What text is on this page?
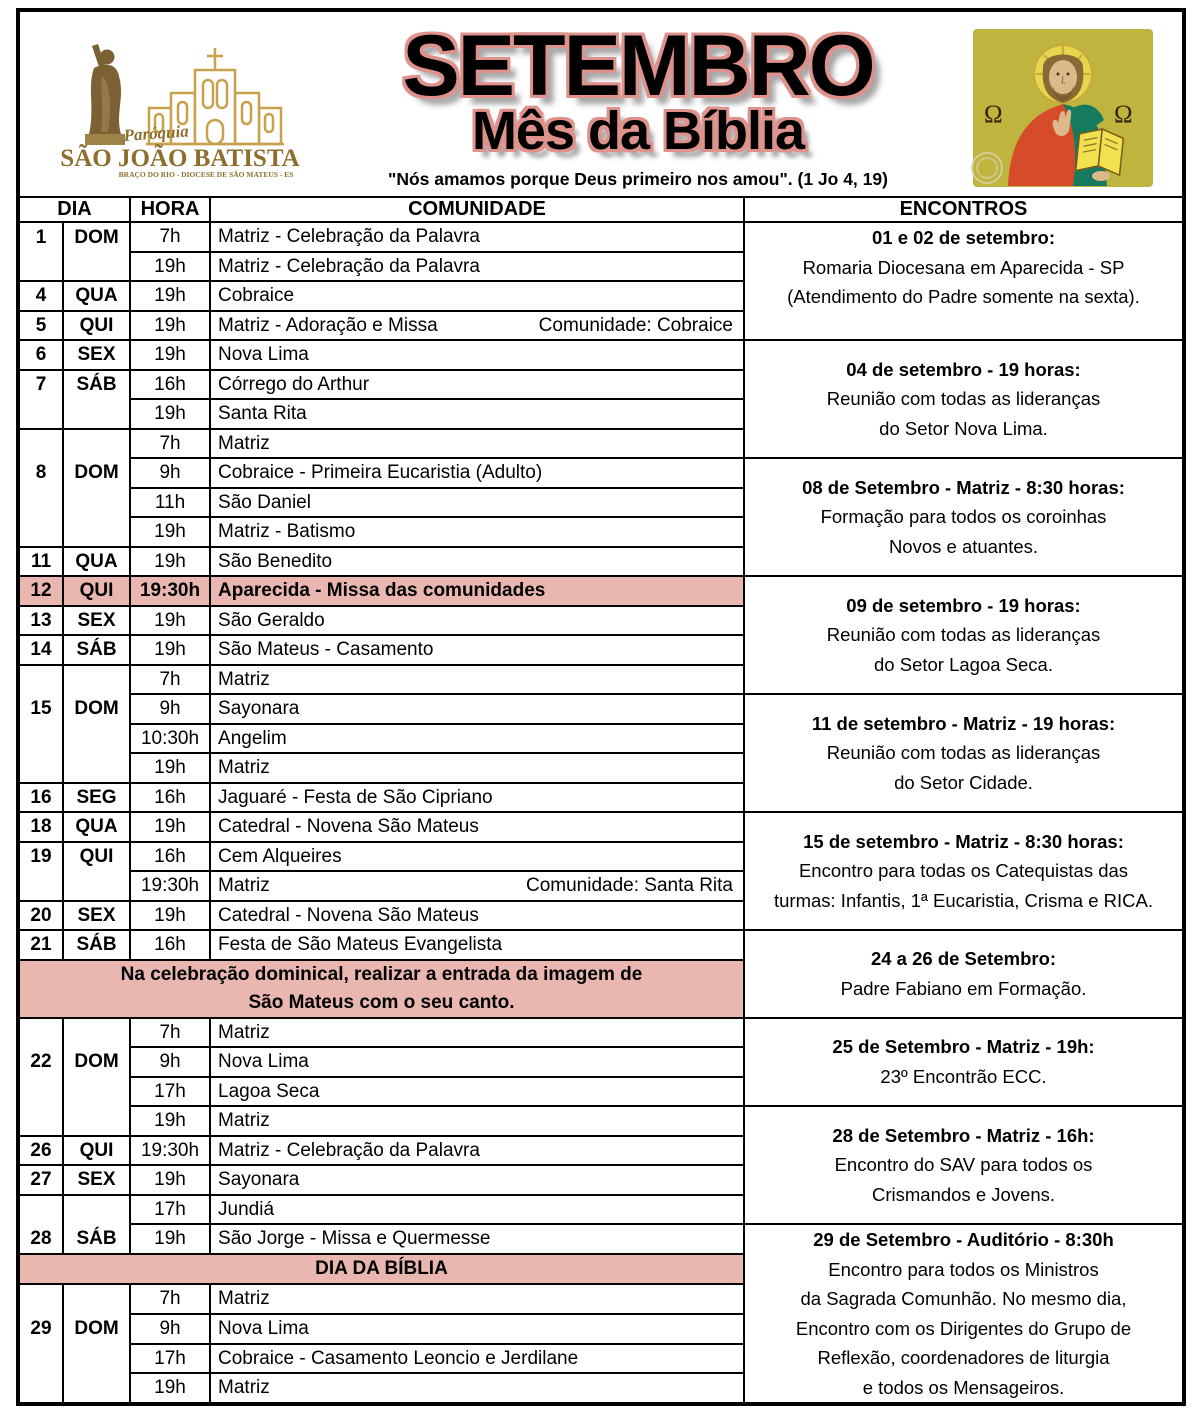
Paróquia
SÃO JOÃO BATISTA
BRAÇO DO RIO - DIOCESE DE SÃO MATEUS - ES
SETEMBRO
Mês da Bíblia
"Nós amamos porque Deus primeiro nos amou". (1 Jo 4, 19)
Ω	Ω
DIA		HORA	COMUNIDADE	ENCONTROS
1	DOM	7h	Matriz - Celebração da Palavra	01 e 02 de setembro:
Romaria Diocesana em Aparecida - SP
(Atendimento do Padre somente na sexta).

		19h	Matriz - Celebração da Palavra	

4	QUA	19h	Cobraice	

5	QUI	19h	Matriz - Adoração e Missa Comunidade: Cobraice	

6	SEX	19h	Nova Lima	04 de setembro - 19 horas:
Reunião com todas as lideranças
do Setor Nova Lima.

7	SÁB	16h	Córrego do Arthur	

		19h	Santa Rita	

		7h	Matriz	

8	DOM	9h	Cobraice - Primeira Eucaristia (Adulto)	08 de Setembro - Matriz - 8:30 horas:
Formação para todos os coroinhas
Novos e atuantes.

		11h	São Daniel	

		19h	Matriz - Batismo	

11	QUA	19h	São Benedito	

12	QUI	19:30h	Aparecida - Missa das comunidades	09 de setembro - 19 horas:
Reunião com todas as lideranças
do Setor Lagoa Seca.

13	SEX	19h	São Geraldo	

14	SÁB	19h	São Mateus - Casamento	

		7h	Matriz	

15	DOM	9h	Sayonara	11 de setembro - Matriz - 19 horas:
Reunião com todas as lideranças
do Setor Cidade.

		10:30h	Angelim	

		19h	Matriz	

16	SEG	16h	Jaguaré - Festa de São Cipriano	

18	QUA	19h	Catedral - Novena São Mateus	15 de setembro - Matriz - 8:30 horas:
Encontro para todas os Catequistas das
turmas: Infantis, 1ª Eucaristia, Crisma e RICA.

19	QUI	16h	Cem Alqueires	

		19:30h	Matriz Comunidade: Santa Rita	

20	SEX	19h	Catedral - Novena São Mateus	

21	SÁB	16h	Festa de São Mateus Evangelista	24 a 26 de Setembro:
Padre Fabiano em Formação.

Na celebração dominical, realizar a entrada da imagem de
São Mateus com o seu canto.				

		7h	Matriz	25 de Setembro - Matriz - 19h:
23º Encontrão ECC.

22	DOM	9h	Nova Lima	

		17h	Lagoa Seca	

		19h	Matriz	28 de Setembro - Matriz - 16h:
Encontro do SAV para todos os
Crismandos e Jovens.

26	QUI	19:30h	Matriz - Celebração da Palavra	

27	SEX	19h	Sayonara	

		17h	Jundiá	

28	SÁB	19h	São Jorge - Missa e Quermesse	29 de Setembro - Auditório - 8:30h
Encontro para todos os Ministros
da Sagrada Comunhão. No mesmo dia,
Encontro com os Dirigentes do Grupo de
Reflexão, coordenadores de liturgia
e todos os Mensageiros.

DIA DA BÍBLIA				

		7h	Matriz	

29	DOM	9h	Nova Lima	

		17h	Cobraice - Casamento Leoncio e Jerdilane	

		19h	Matriz	
